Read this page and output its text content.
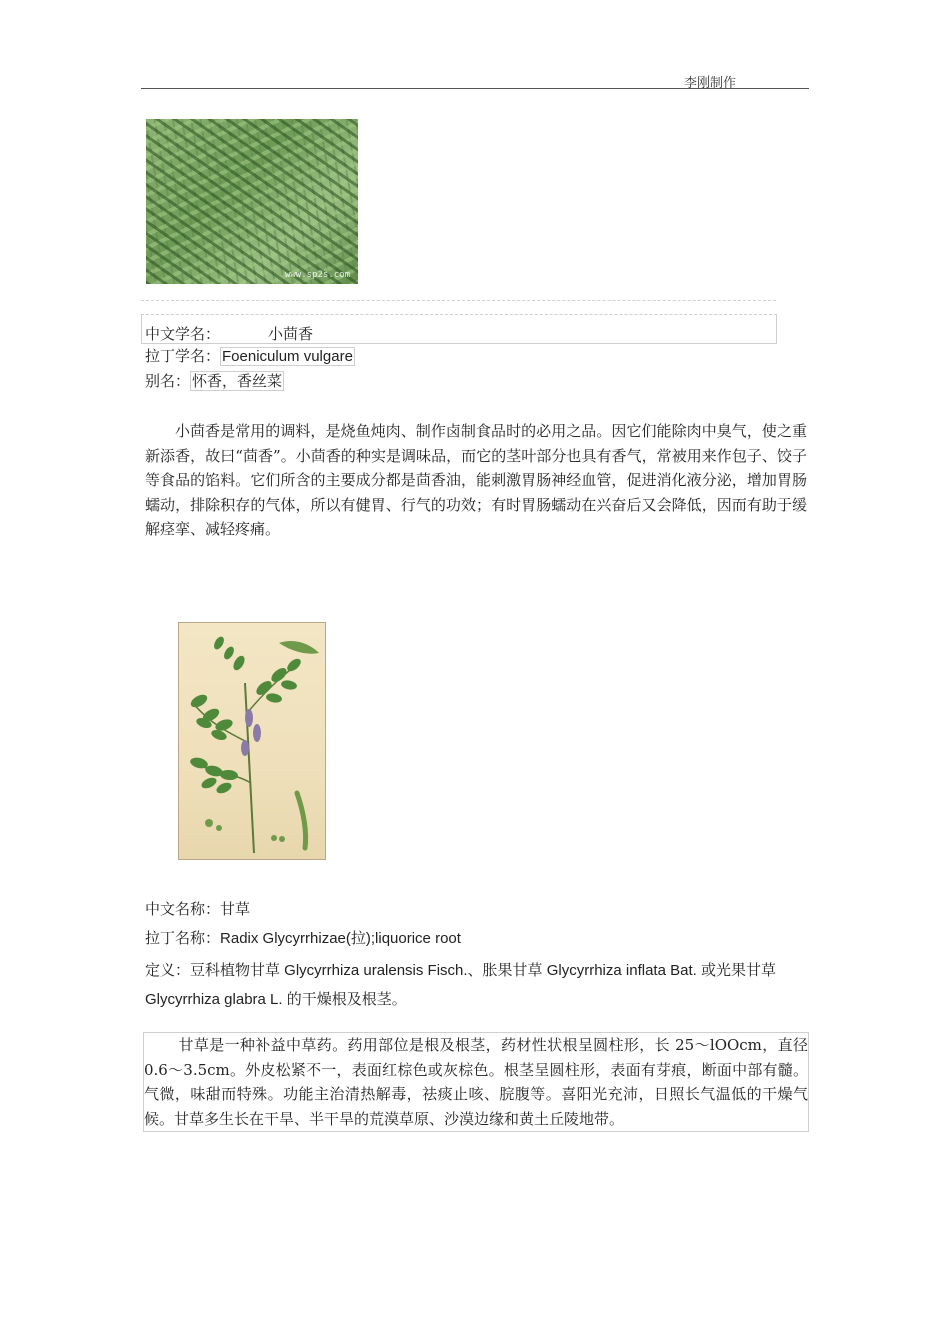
李刚制作
www.sp2s.com
中文学名：	小茴香
拉丁学名： Foeniculum vulgare
别名： 怀香，香丝菜

小茴香是常用的调料，是烧鱼炖肉、制作卤制食品时的必用之品。因它们能除肉中臭气，使之重新添香，故曰“茴香”。小茴香的种实是调味品，而它的茎叶部分也具有香气，常被用来作包子、饺子等食品的馅料。它们所含的主要成分都是茴香油，能刺激胃肠神经血管，促进消化液分泌，增加胃肠蠕动，排除积存的气体，所以有健胃、行气的功效；有时胃肠蠕动在兴奋后又会降低，因而有助于缓解痉挛、减轻疼痛。

中文名称：甘草
拉丁名称：Radix Glycyrrhizae(拉);liquorice root
定义：豆科植物甘草 Glycyrrhiza uralensis Fisch.、胀果甘草 Glycyrrhiza inflata Bat. 或光果甘草 Glycyrrhiza glabra L. 的干燥根及根茎。

甘草是一种补益中草药。药用部位是根及根茎，药材性状根呈圆柱形，长 25～lOOcm，直径 0.6～3.5cm。外皮松紧不一，表面红棕色或灰棕色。根茎呈圆柱形，表面有芽痕，断面中部有髓。气微，味甜而特殊。功能主治清热解毒，祛痰止咳、脘腹等。喜阳光充沛，日照长气温低的干燥气候。甘草多生长在干旱、半干旱的荒漠草原、沙漠边缘和黄土丘陵地带。
